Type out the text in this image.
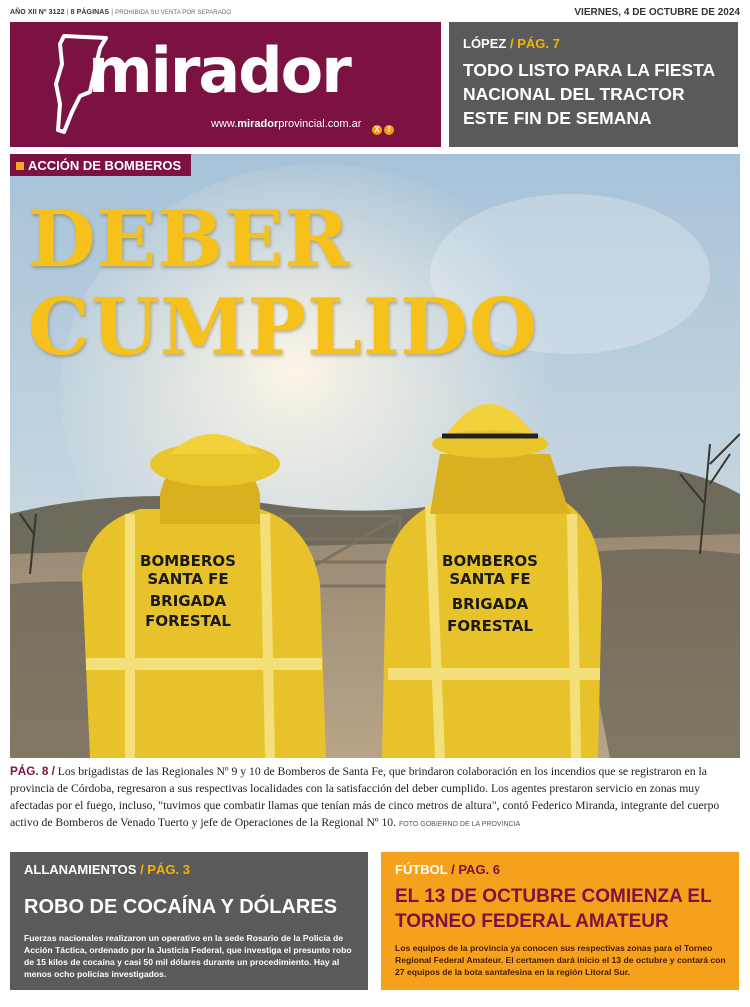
AÑO XII Nº 3122 | 8 PÁGINAS | PROHIBIDA SU VENTA POR SEPARADO	VIERNES, 4 DE OCTUBRE DE 2024
mirador
www.miradorprovincial.com.ar	X f
LÓPEZ / PÁG. 7
TODO LISTO PARA LA FIESTA NACIONAL DEL TRACTOR ESTE FIN DE SEMANA
BOMBEROS
SANTA FE
BRIGADA
FORESTAL
BOMBEROS
SANTA FE
BRIGADA
FORESTAL
ACCIÓN DE BOMBEROS
DEBER
CUMPLIDO
PÁG. 8 / Los brigadistas de las Regionales Nº 9 y 10 de Bomberos de Santa Fe, que brindaron colaboración en los incendios que se registraron en la provincia de Córdoba, regresaron a sus respectivas localidades con la satisfacción del deber cumplido. Los agentes prestaron servicio en zonas muy afectadas por el fuego, incluso, "tuvimos que combatir llamas que tenían más de cinco metros de altura", contó Federico Miranda, integrante del cuerpo activo de Bomberos de Venado Tuerto y jefe de Operaciones de la Regional Nº 10. FOTO GOBIERNO DE LA PROVINCIA
ALLANAMIENTOS / PÁG. 3
ROBO DE COCAÍNA Y DÓLARES
Fuerzas nacionales realizaron un operativo en la sede Rosario de la Policía de Acción Táctica, ordenado por la Justicia Federal, que investiga el presunto robo de 15 kilos de cocaína y casi 50 mil dólares durante un procedimiento. Hay al menos ocho policías investigados.
FÚTBOL / PAG. 6
EL 13 DE OCTUBRE COMIENZA EL TORNEO FEDERAL AMATEUR
Los equipos de la provincia ya conocen sus respectivas zonas para el Torneo Regional Federal Amateur. El certamen dará inicio el 13 de octubre y contará con 27 equipos de la bota santafesina en la región Litoral Sur.
